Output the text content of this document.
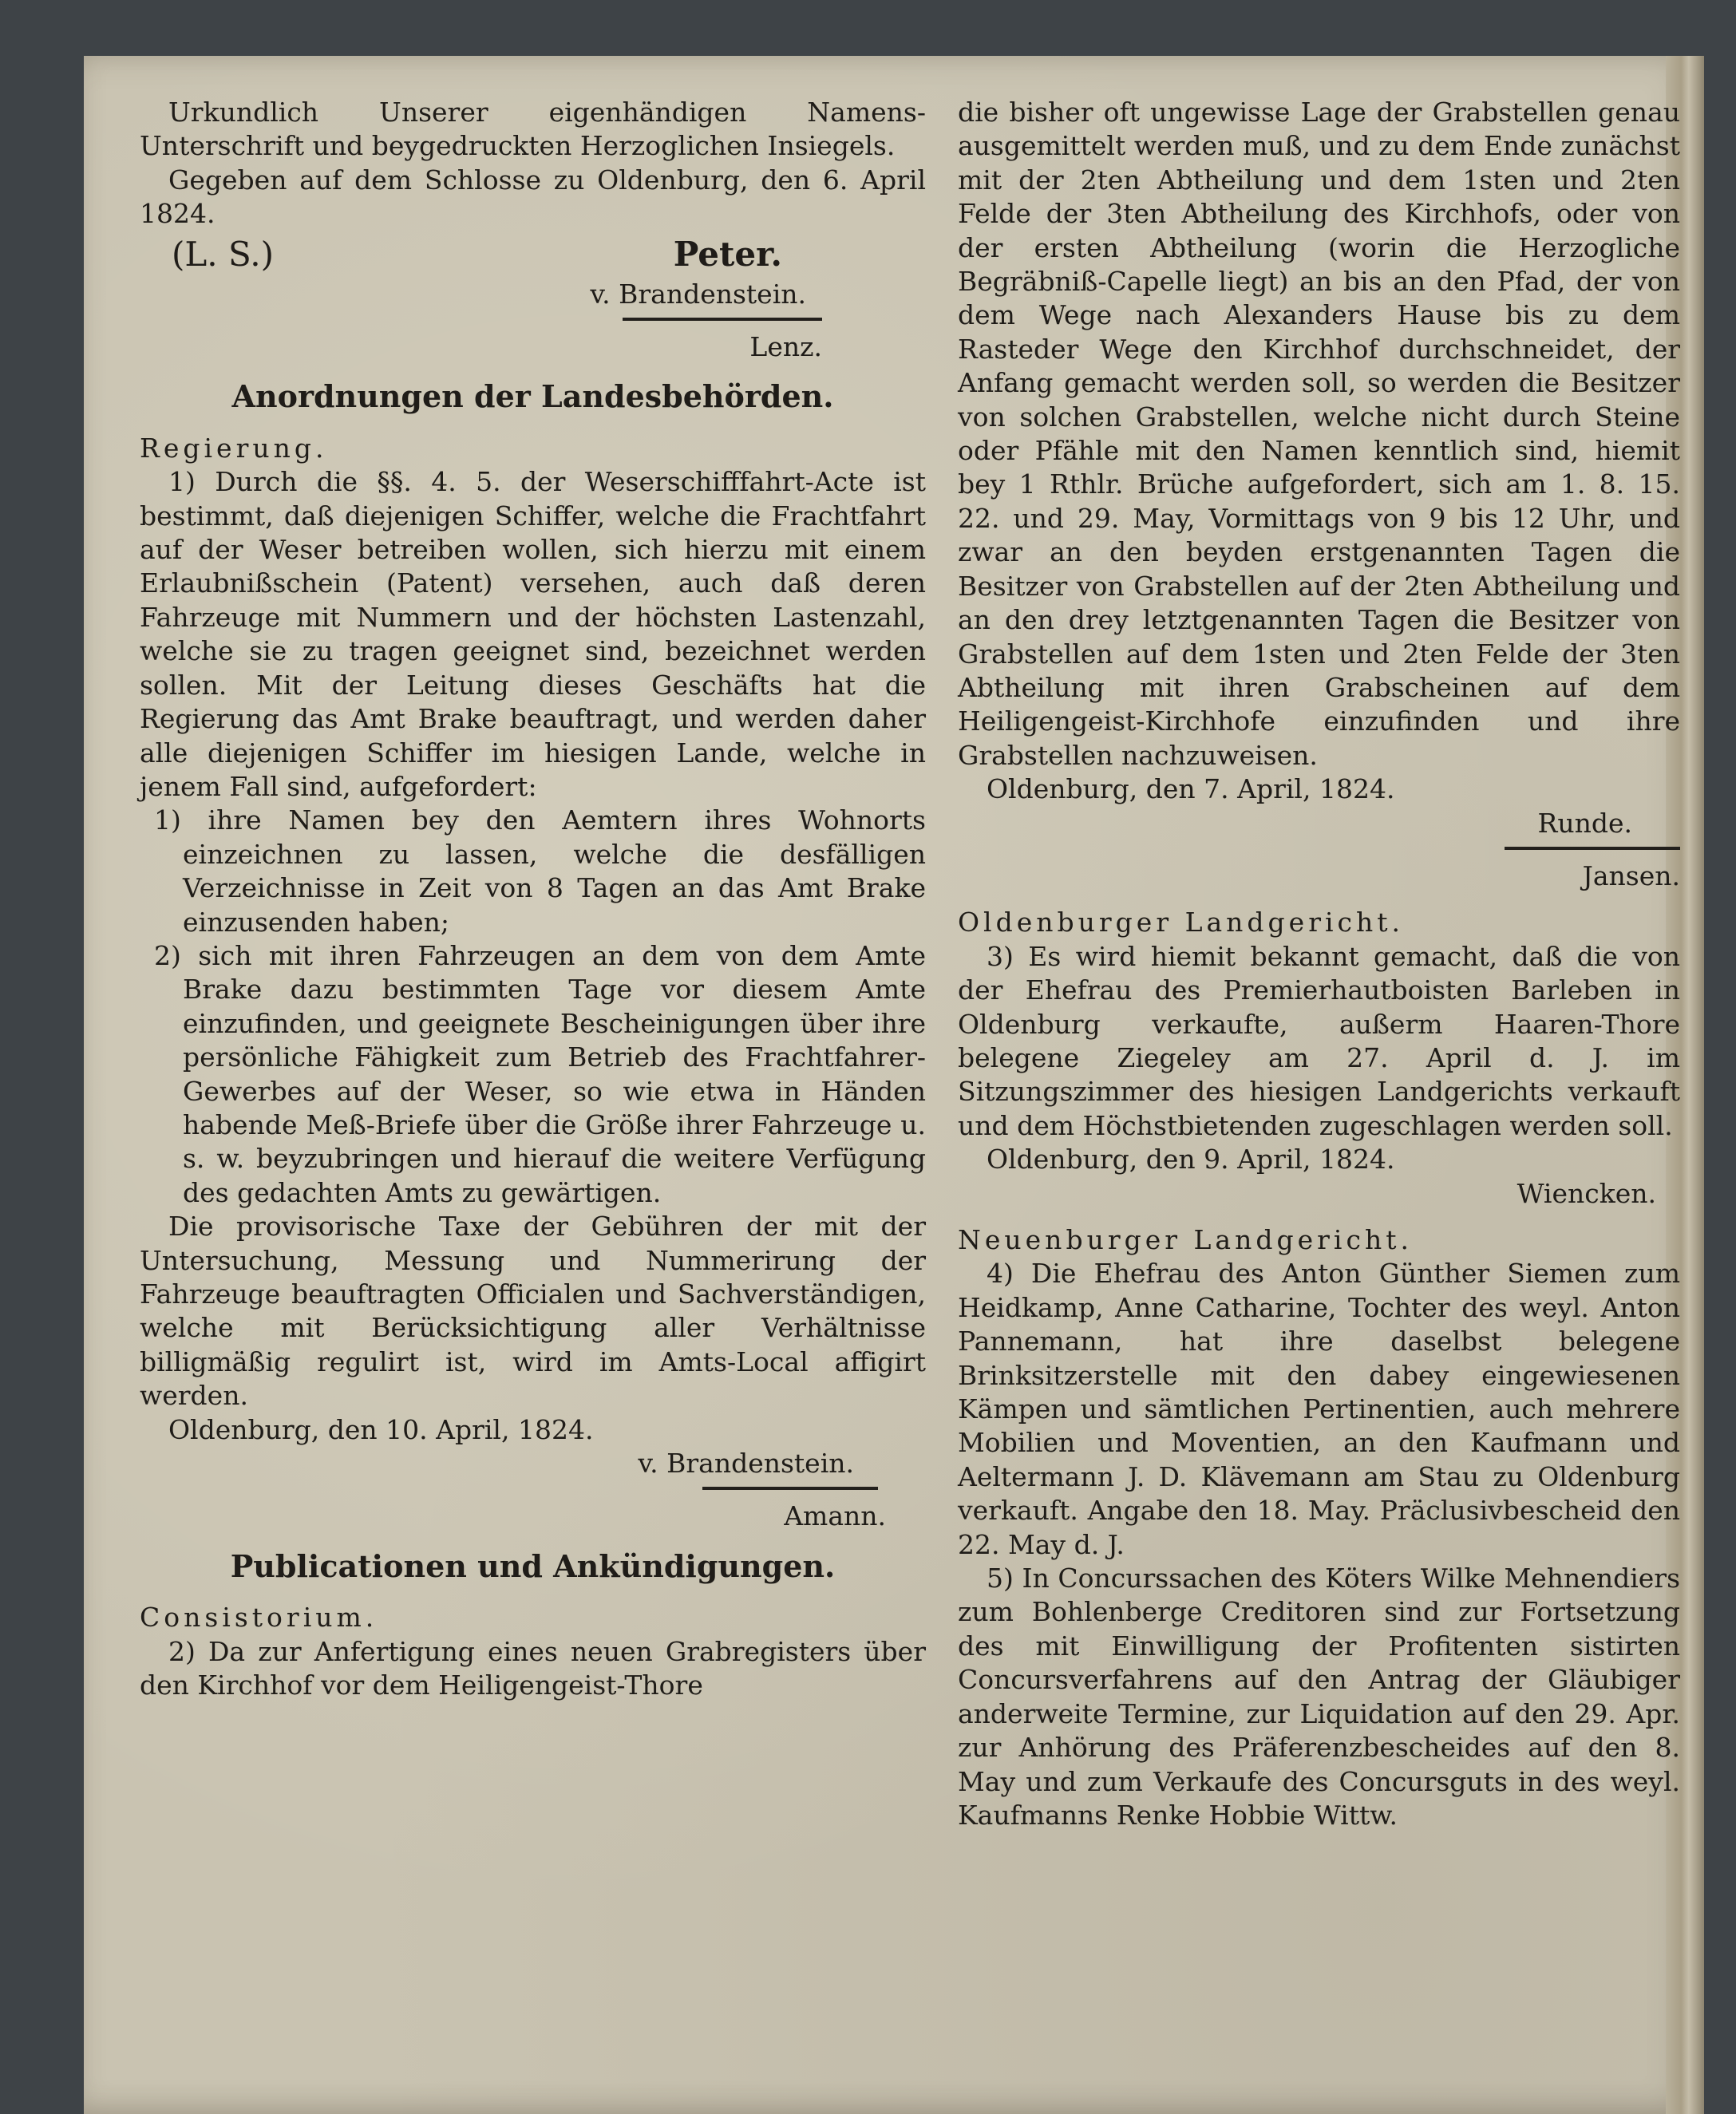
Urkundlich Unserer eigenhändigen Namens-Unterschrift und beygedruckten Herzoglichen Insiegels.

Gegeben auf dem Schlosse zu Oldenburg, den 6. April 1824.

(L. S.)	Peter.

v. Brandenstein.

Lenz.

Anordnungen der Landesbehörden.

Regierung.

1) Durch die §§. 4. 5. der Weserschifffahrt-Acte ist bestimmt, daß diejenigen Schiffer, welche die Frachtfahrt auf der Weser betreiben wollen, sich hierzu mit einem Erlaubnißschein (Patent) versehen, auch daß deren Fahrzeuge mit Nummern und der höchsten Lastenzahl, welche sie zu tragen geeignet sind, bezeichnet werden sollen. Mit der Leitung dieses Geschäfts hat die Regierung das Amt Brake beauftragt, und werden daher alle diejenigen Schiffer im hiesigen Lande, welche in jenem Fall sind, aufgefordert:

1) ihre Namen bey den Aemtern ihres Wohnorts einzeichnen zu lassen, welche die desfälligen Verzeichnisse in Zeit von 8 Tagen an das Amt Brake einzusenden haben;

2) sich mit ihren Fahrzeugen an dem von dem Amte Brake dazu bestimmten Tage vor diesem Amte einzufinden, und geeignete Bescheinigungen über ihre persönliche Fähigkeit zum Betrieb des Frachtfahrer-Gewerbes auf der Weser, so wie etwa in Händen habende Meß-Briefe über die Größe ihrer Fahrzeuge u. s. w. beyzubringen und hierauf die weitere Verfügung des gedachten Amts zu gewärtigen.

Die provisorische Taxe der Gebühren der mit der Untersuchung, Messung und Nummerirung der Fahrzeuge beauftragten Officialen und Sachverständigen, welche mit Berücksichtigung aller Verhältnisse billigmäßig regulirt ist, wird im Amts-Local affigirt werden.

Oldenburg, den 10. April, 1824.

v. Brandenstein.

Amann.

Publicationen und Ankündigungen.

Consistorium.

2) Da zur Anfertigung eines neuen Grabregisters über den Kirchhof vor dem Heiligengeist-Thore

die bisher oft ungewisse Lage der Grabstellen genau ausgemittelt werden muß, und zu dem Ende zunächst mit der 2ten Abtheilung und dem 1sten und 2ten Felde der 3ten Abtheilung des Kirchhofs, oder von der ersten Abtheilung (worin die Herzogliche Begräbniß-Capelle liegt) an bis an den Pfad, der von dem Wege nach Alexanders Hause bis zu dem Rasteder Wege den Kirchhof durchschneidet, der Anfang gemacht werden soll, so werden die Besitzer von solchen Grabstellen, welche nicht durch Steine oder Pfähle mit den Namen kenntlich sind, hiemit bey 1 Rthlr. Brüche aufgefordert, sich am 1. 8. 15. 22. und 29. May, Vormittags von 9 bis 12 Uhr, und zwar an den beyden erstgenannten Tagen die Besitzer von Grabstellen auf der 2ten Abtheilung und an den drey letztgenannten Tagen die Besitzer von Grabstellen auf dem 1sten und 2ten Felde der 3ten Abtheilung mit ihren Grabscheinen auf dem Heiligengeist-Kirchhofe einzufinden und ihre Grabstellen nachzuweisen.

Oldenburg, den 7. April, 1824.

Runde.

Jansen.

Oldenburger Landgericht.

3) Es wird hiemit bekannt gemacht, daß die von der Ehefrau des Premierhautboisten Barleben in Oldenburg verkaufte, außerm Haaren-Thore belegene Ziegeley am 27. April d. J. im Sitzungszimmer des hiesigen Landgerichts verkauft und dem Höchstbietenden zugeschlagen werden soll.

Oldenburg, den 9. April, 1824.

Wiencken.

Neuenburger Landgericht.

4) Die Ehefrau des Anton Günther Siemen zum Heidkamp, Anne Catharine, Tochter des weyl. Anton Pannemann, hat ihre daselbst belegene Brinksitzerstelle mit den dabey eingewiesenen Kämpen und sämtlichen Pertinentien, auch mehrere Mobilien und Moventien, an den Kaufmann und Aeltermann J. D. Klävemann am Stau zu Oldenburg verkauft. Angabe den 18. May. Präclusivbescheid den 22. May d. J.

5) In Concurssachen des Köters Wilke Mehnendiers zum Bohlenberge Creditoren sind zur Fortsetzung des mit Einwilligung der Profitenten sistirten Concursverfahrens auf den Antrag der Gläubiger anderweite Termine, zur Liquidation auf den 29. Apr. zur Anhörung des Präferenzbescheides auf den 8. May und zum Verkaufe des Concursguts in des weyl. Kaufmanns Renke Hobbie Wittw.
